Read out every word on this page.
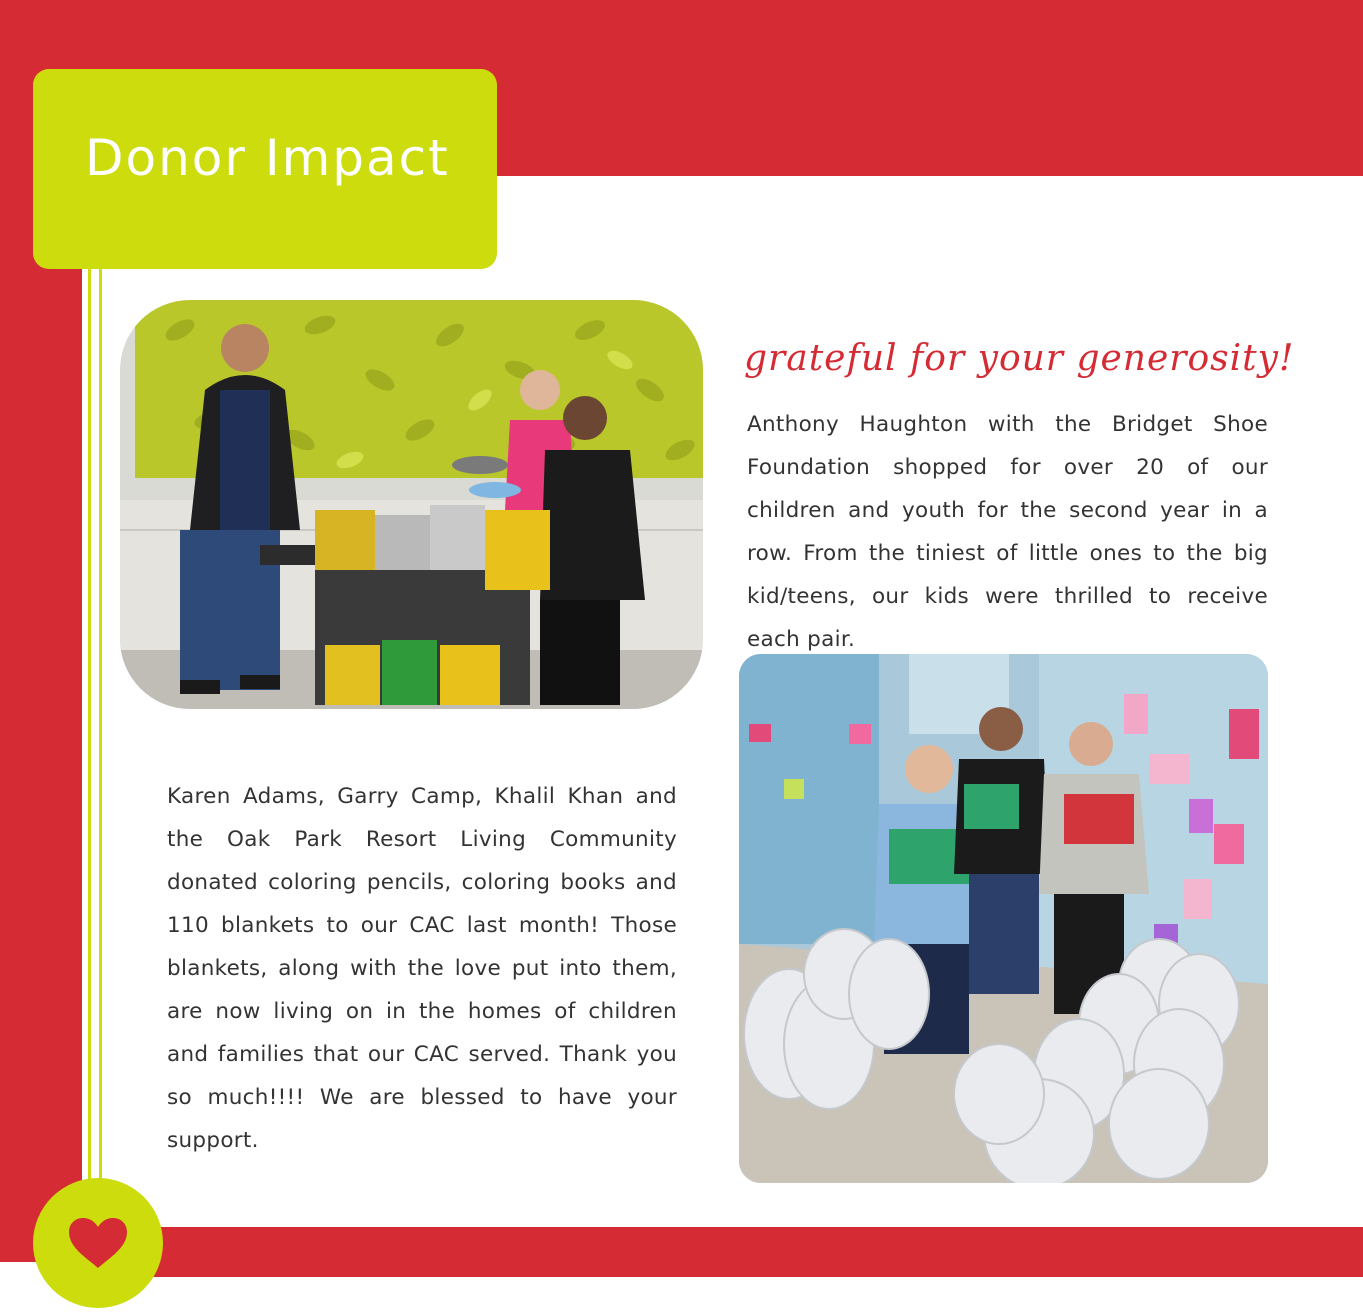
Donor Impact
grateful for your generosity!

Anthony Haughton with the Bridget Shoe Foundation shopped for over 20 of our children and youth for the second year in a row. From the tiniest of little ones to the big kid/teens, our kids were thrilled to receive each pair.

Karen Adams, Garry Camp, Khalil Khan and the Oak Park Resort Living Community donated coloring pencils, coloring books and 110 blankets to our CAC last month! Those blankets, along with the love put into them, are now living on in the homes of children and families that our CAC served. Thank you so much!!!! We are blessed to have your support.
